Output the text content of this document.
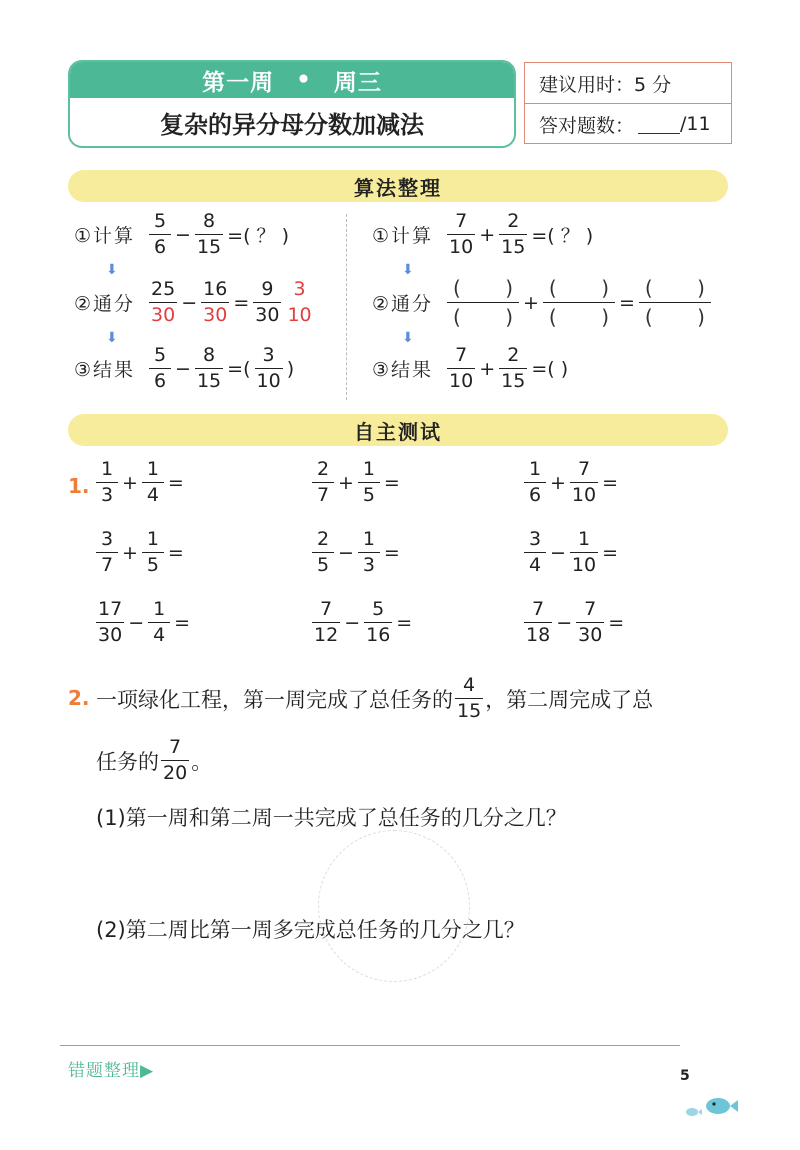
第一周 • 周三
复杂的异分母分数加减法
建议用时：5 分
答对题数： /11
算法整理
①计算 $\frac{5}{6} - \frac{8}{15}$ =( ？ )
⬇
②通分 $\frac{25}{30} - \frac{16}{30} = \frac{9}{30} \frac{3}{10}$
⬇
③结果 $\frac{5}{6} - \frac{8}{15}$ =( $\frac{3}{10}$ )
①计算 $\frac{7}{10} + \frac{2}{15}$ =( ？ )
⬇
②通分
(       )
(       )
+
(       )
(       )
=
(       )
(       )
⬇
③结果 $\frac{7}{10} + \frac{2}{15}$ =( )
自主测试
1. $\frac{1}{3} + \frac{1}{4}$ =	$\frac{2}{7} + \frac{1}{5}$ =	$\frac{1}{6} + \frac{7}{10}$ =
$\frac{3}{7} + \frac{1}{5}$ =	$\frac{2}{5} - \frac{1}{3}$ =	$\frac{3}{4} - \frac{1}{10}$ =
$\frac{17}{30} - \frac{1}{4}$ =	$\frac{7}{12} - \frac{5}{16}$ =	$\frac{7}{18} - \frac{7}{30}$ =
2. 一项绿化工程，第一周完成了总任务的 $\frac{4}{15}$ ，第二周完成了总
任务的 $\frac{7}{20}$ 。
(1)第一周和第二周一共完成了总任务的几分之几？
(2)第二周比第一周多完成总任务的几分之几？
错题整理▶	5
